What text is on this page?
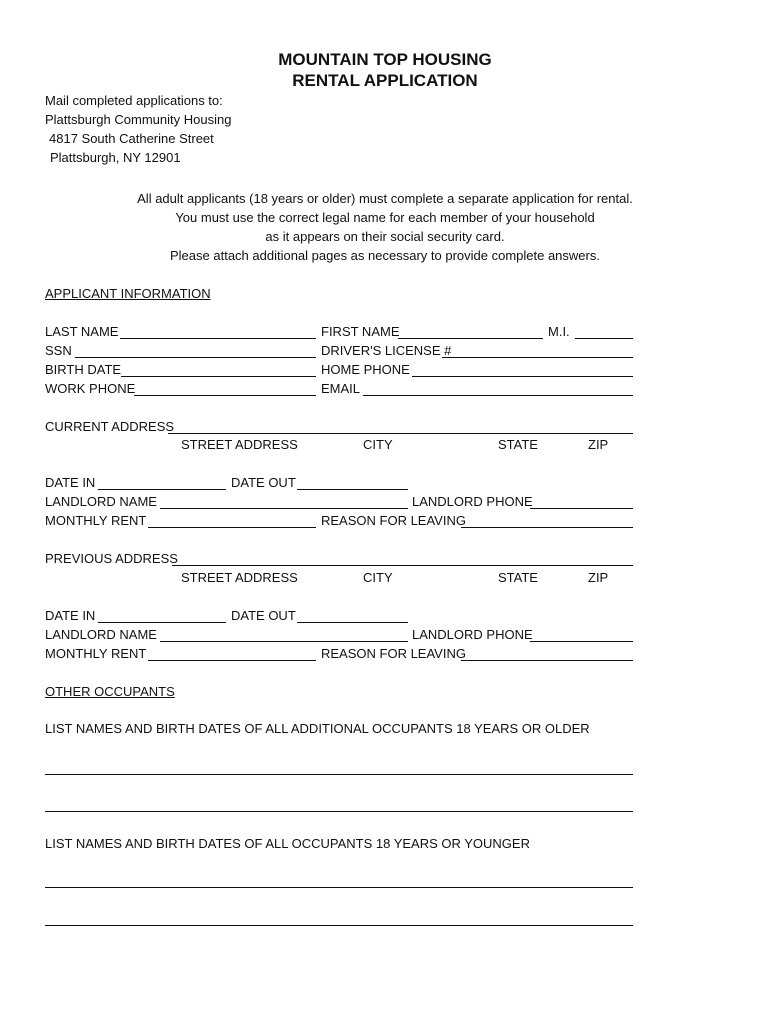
MOUNTAIN TOP HOUSING
RENTAL APPLICATION
Mail completed applications to:
Plattsburgh Community Housing
4817 South Catherine Street
Plattsburgh, NY 12901
All adult applicants (18 years or older) must complete a separate application for rental.
You must use the correct legal name for each member of your household
as it appears on their social security card.
Please attach additional pages as necessary to provide complete answers.
APPLICANT INFORMATION
LAST NAME	FIRST NAME	M.I.
SSN	DRIVER'S LICENSE #
BIRTH DATE	HOME PHONE
WORK PHONE	EMAIL
CURRENT ADDRESS
STREET ADDRESS	CITY	STATE	ZIP
DATE IN	DATE OUT
LANDLORD NAME	LANDLORD PHONE
MONTHLY RENT	REASON FOR LEAVING
PREVIOUS ADDRESS
STREET ADDRESS	CITY	STATE	ZIP
DATE IN	DATE OUT
LANDLORD NAME	LANDLORD PHONE
MONTHLY RENT	REASON FOR LEAVING
OTHER OCCUPANTS
LIST NAMES AND BIRTH DATES OF ALL ADDITIONAL OCCUPANTS 18 YEARS OR OLDER
LIST NAMES AND BIRTH DATES OF ALL OCCUPANTS 18 YEARS OR YOUNGER
